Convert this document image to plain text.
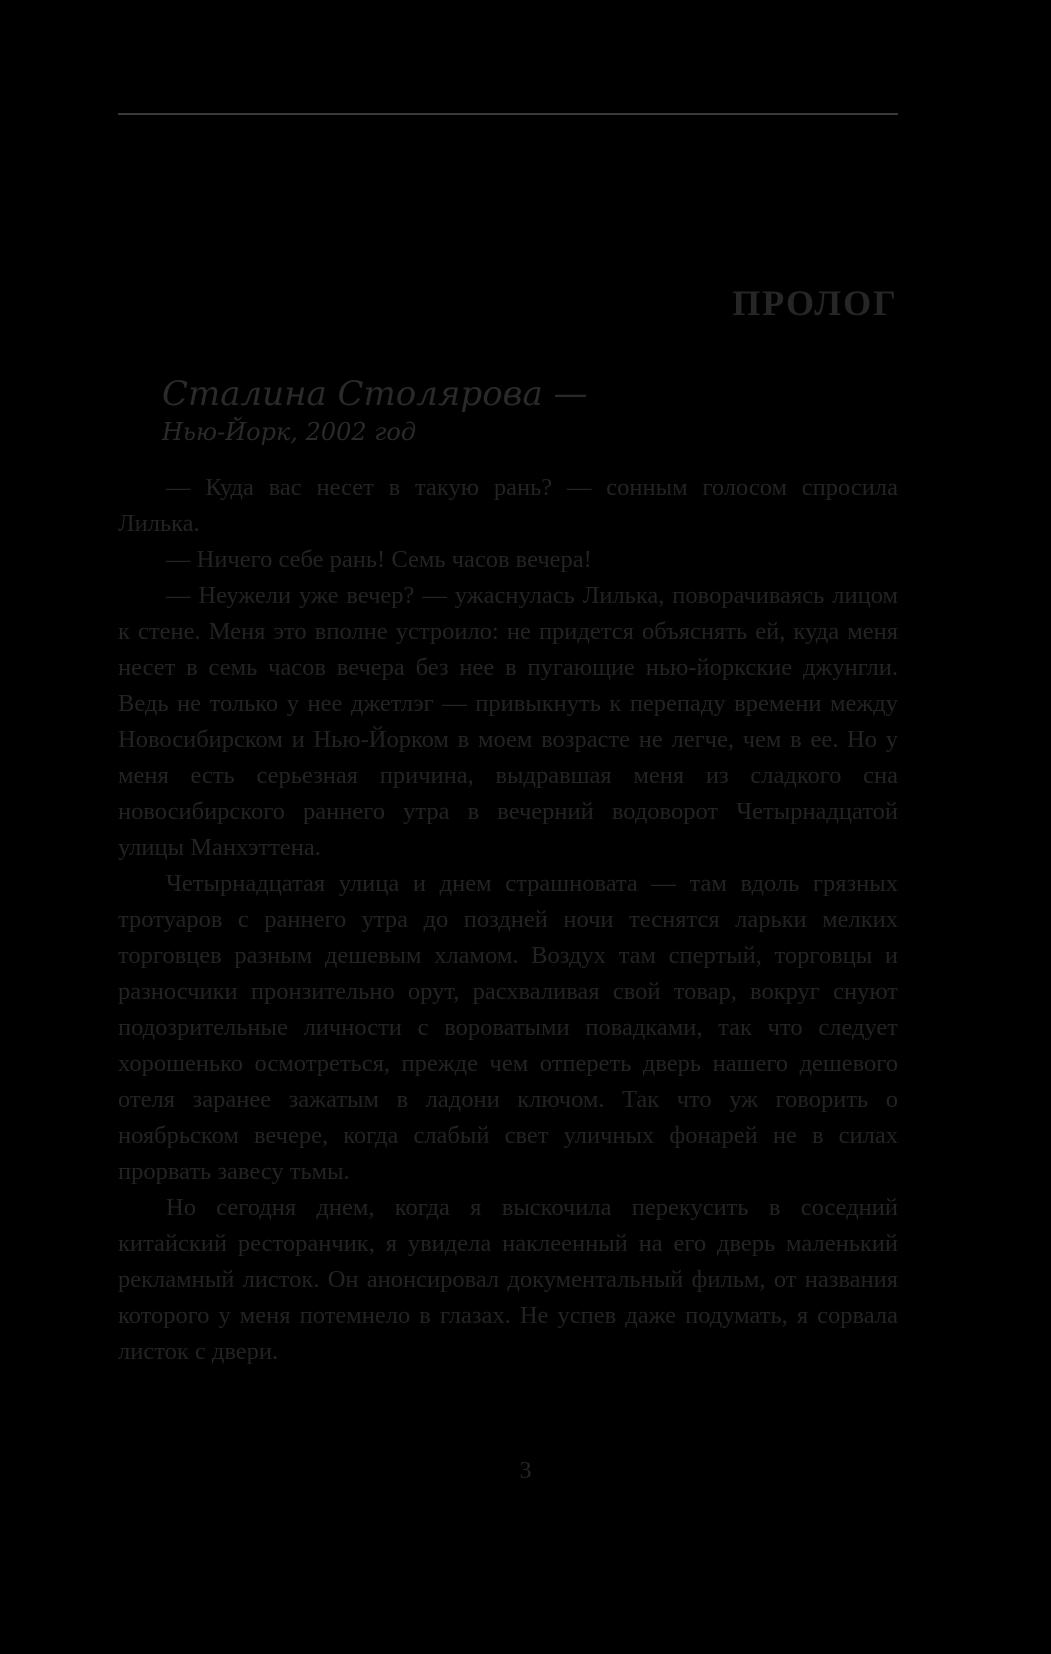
ПРОЛОГ
Сталина Столярова —
Нью-Йорк, 2002 год

— Куда вас несет в такую рань? — сонным голосом спросила Лилька.

— Ничего себе рань! Семь часов вечера!

— Неужели уже вечер? — ужаснулась Лилька, поворачиваясь лицом к стене. Меня это вполне устроило: не придется объяснять ей, куда меня несет в семь часов вечера без нее в пугающие нью-йоркские джунгли. Ведь не только у нее джетлэг — привыкнуть к перепаду времени между Новосибирском и Нью-Йорком в моем возрасте не легче, чем в ее. Но у меня есть серьезная причина, выдравшая меня из сладкого сна новосибирского раннего утра в вечерний водоворот Четырнадцатой улицы Манхэттена.

Четырнадцатая улица и днем страшновата — там вдоль грязных тротуаров с раннего утра до поздней ночи теснятся ларьки мелких торговцев разным дешевым хламом. Воздух там спертый, торговцы и разносчики пронзительно орут, расхваливая свой товар, вокруг снуют подозрительные личности с вороватыми повадками, так что следует хорошенько осмотреться, прежде чем отпереть дверь нашего дешевого отеля заранее зажатым в ладони ключом. Так что уж говорить о ноябрьском вечере, когда слабый свет уличных фонарей не в силах прорвать завесу тьмы.

Но сегодня днем, когда я выскочила перекусить в соседний китайский ресторанчик, я увидела наклеенный на его дверь маленький рекламный листок. Он анонсировал документальный фильм, от названия которого у меня потемнело в глазах. Не успев даже подумать, я сорвала листок с двери.

3
